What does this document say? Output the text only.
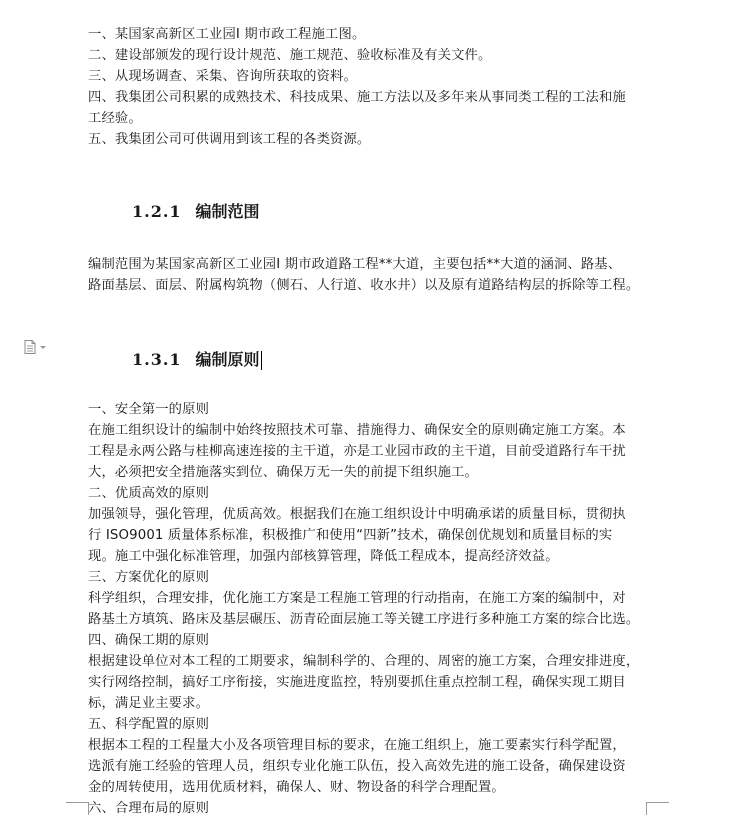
一、某国家高新区工业园Ⅰ 期市政工程施工图。
二、建设部颁发的现行设计规范、施工规范、验收标准及有关文件。
三、从现场调查、采集、咨询所获取的资料。
四、我集团公司积累的成熟技术、科技成果、施工方法以及多年来从事同类工程的工法和施
工经验。
五、我集团公司可供调用到该工程的各类资源。
1.2.1 编制范围
编制范围为某国家高新区工业园Ⅰ 期市政道路工程**大道，主要包括**大道的涵洞、路基、
路面基层、面层、附属构筑物（侧石、人行道、收水井）以及原有道路结构层的拆除等工程。
1.3.1 编制原则
一、安全第一的原则
在施工组织设计的编制中始终按照技术可靠、措施得力、确保安全的原则确定施工方案。本
工程是永两公路与桂柳高速连接的主干道，亦是工业园市政的主干道，目前受道路行车干扰
大，必须把安全措施落实到位、确保万无一失的前提下组织施工。
二、优质高效的原则
加强领导，强化管理，优质高效。根据我们在施工组织设计中明确承诺的质量目标，贯彻执
行 ISO9001 质量体系标准，积极推广和使用“四新”技术，确保创优规划和质量目标的实
现。施工中强化标准管理，加强内部核算管理，降低工程成本，提高经济效益。
三、方案优化的原则
科学组织，合理安排，优化施工方案是工程施工管理的行动指南，在施工方案的编制中，对
路基土方填筑、路床及基层碾压、沥青砼面层施工等关键工序进行多种施工方案的综合比选。
四、确保工期的原则
根据建设单位对本工程的工期要求，编制科学的、合理的、周密的施工方案，合理安排进度，
实行网络控制，搞好工序衔接，实施进度监控，特别要抓住重点控制工程，确保实现工期目
标，满足业主要求。
五、科学配置的原则
根据本工程的工程量大小及各项管理目标的要求，在施工组织上，施工要素实行科学配置，
选派有施工经验的管理人员，组织专业化施工队伍，投入高效先进的施工设备，确保建设资
金的周转使用，选用优质材料，确保人、财、物设备的科学合理配置。
六、合理布局的原则
